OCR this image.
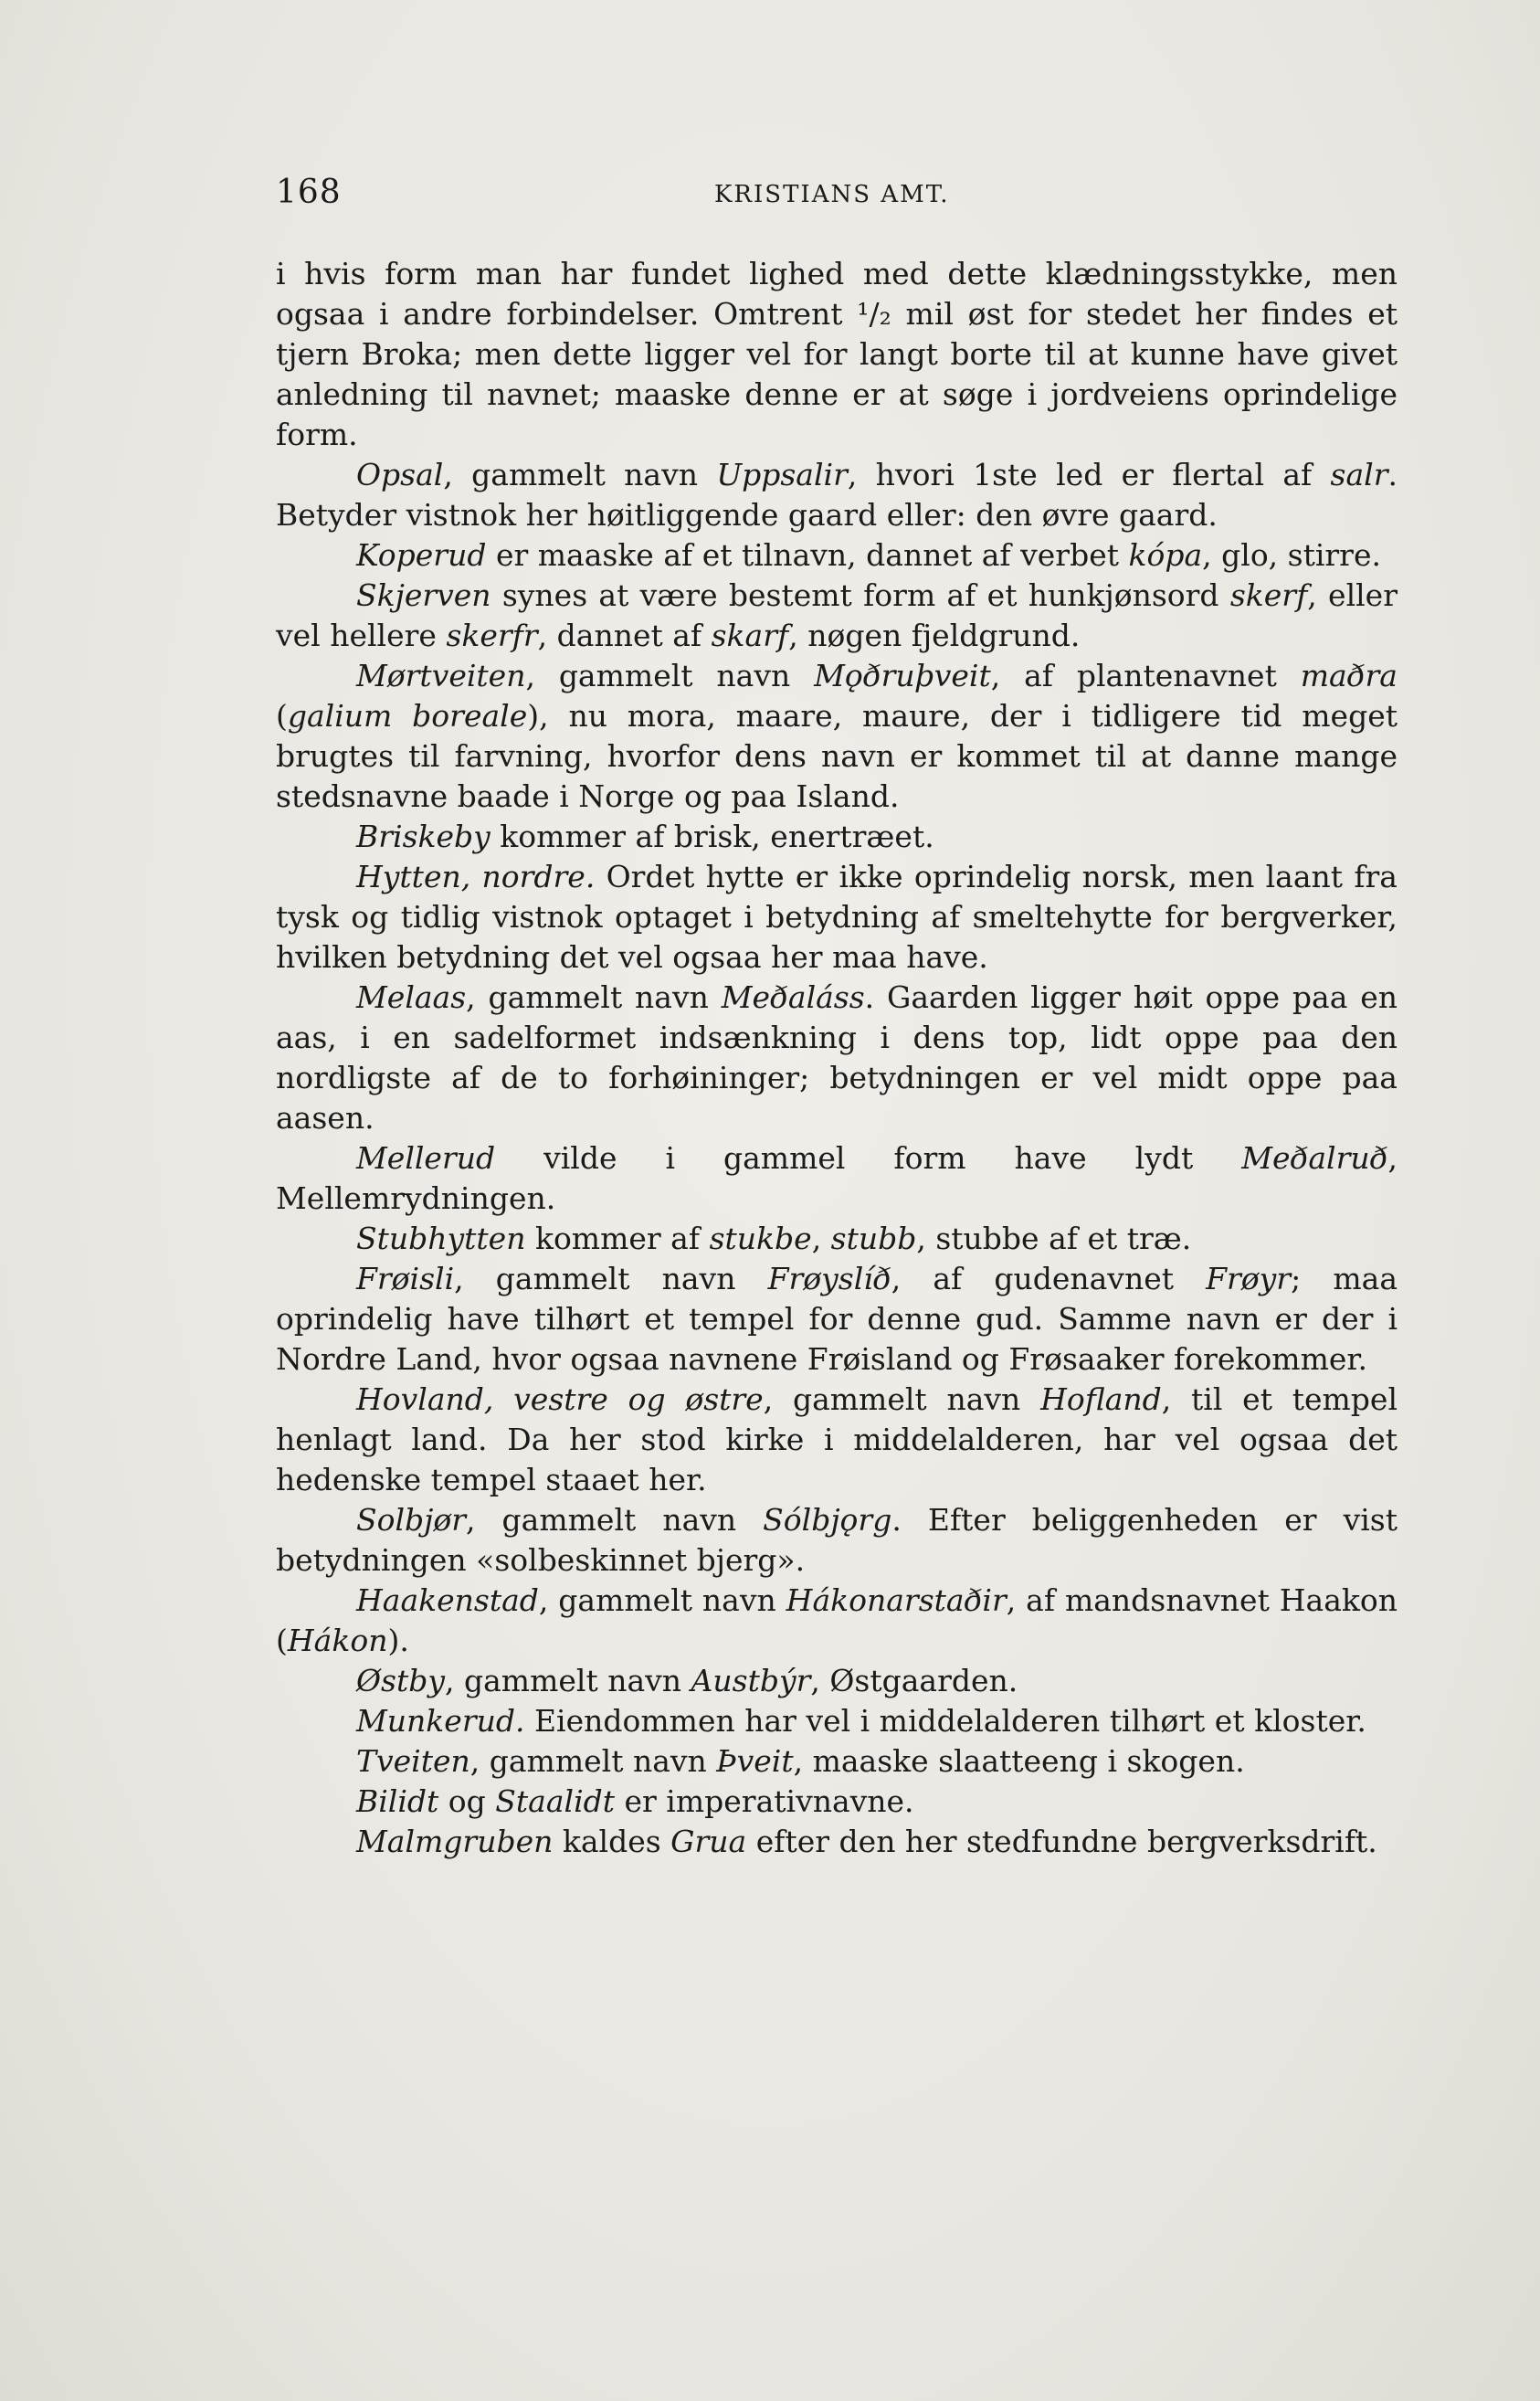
168	KRISTIANS AMT.

i hvis form man har fundet lighed med dette klædningsstykke, men ogsaa i andre forbindelser. Omtrent ¹/₂ mil øst for stedet her findes et tjern Broka; men dette ligger vel for langt borte til at kunne have givet anledning til navnet; maaske denne er at søge i jordveiens oprindelige form.

Opsal, gammelt navn Uppsalir, hvori 1ste led er flertal af salr. Betyder vistnok her høitliggende gaard eller: den øvre gaard.

Koperud er maaske af et tilnavn, dannet af verbet kópa, glo, stirre.

Skjerven synes at være bestemt form af et hunkjønsord skerf, eller vel hellere skerfr, dannet af skarf, nøgen fjeldgrund.

Mørtveiten, gammelt navn Mǫðruþveit, af plantenavnet maðra (galium boreale), nu mora, maare, maure, der i tidligere tid meget brugtes til farvning, hvorfor dens navn er kommet til at danne mange stedsnavne baade i Norge og paa Island.

Briskeby kommer af brisk, enertræet.

Hytten, nordre. Ordet hytte er ikke oprindelig norsk, men laant fra tysk og tidlig vistnok optaget i betydning af smeltehytte for bergverker, hvilken betydning det vel ogsaa her maa have.

Melaas, gammelt navn Meðaláss. Gaarden ligger høit oppe paa en aas, i en sadelformet indsænkning i dens top, lidt oppe paa den nordligste af de to forhøininger; betydningen er vel midt oppe paa aasen.

Mellerud vilde i gammel form have lydt Meðalruð, Mellemrydningen.

Stubhytten kommer af stukbe, stubb, stubbe af et træ.

Frøisli, gammelt navn Frøyslíð, af gudenavnet Frøyr; maa oprindelig have tilhørt et tempel for denne gud. Samme navn er der i Nordre Land, hvor ogsaa navnene Frøisland og Frøsaaker forekommer.

Hovland, vestre og østre, gammelt navn Hofland, til et tempel henlagt land. Da her stod kirke i middelalderen, har vel ogsaa det hedenske tempel staaet her.

Solbjør, gammelt navn Sólbjǫrg. Efter beliggenheden er vist betydningen «solbeskinnet bjerg».

Haakenstad, gammelt navn Hákonarstaðir, af mandsnavnet Haakon (Hákon).

Østby, gammelt navn Austbýr, Østgaarden.

Munkerud. Eiendommen har vel i middelalderen tilhørt et kloster.

Tveiten, gammelt navn Þveit, maaske slaatteeng i skogen.

Bilidt og Staalidt er imperativnavne.

Malmgruben kaldes Grua efter den her stedfundne bergverksdrift.
